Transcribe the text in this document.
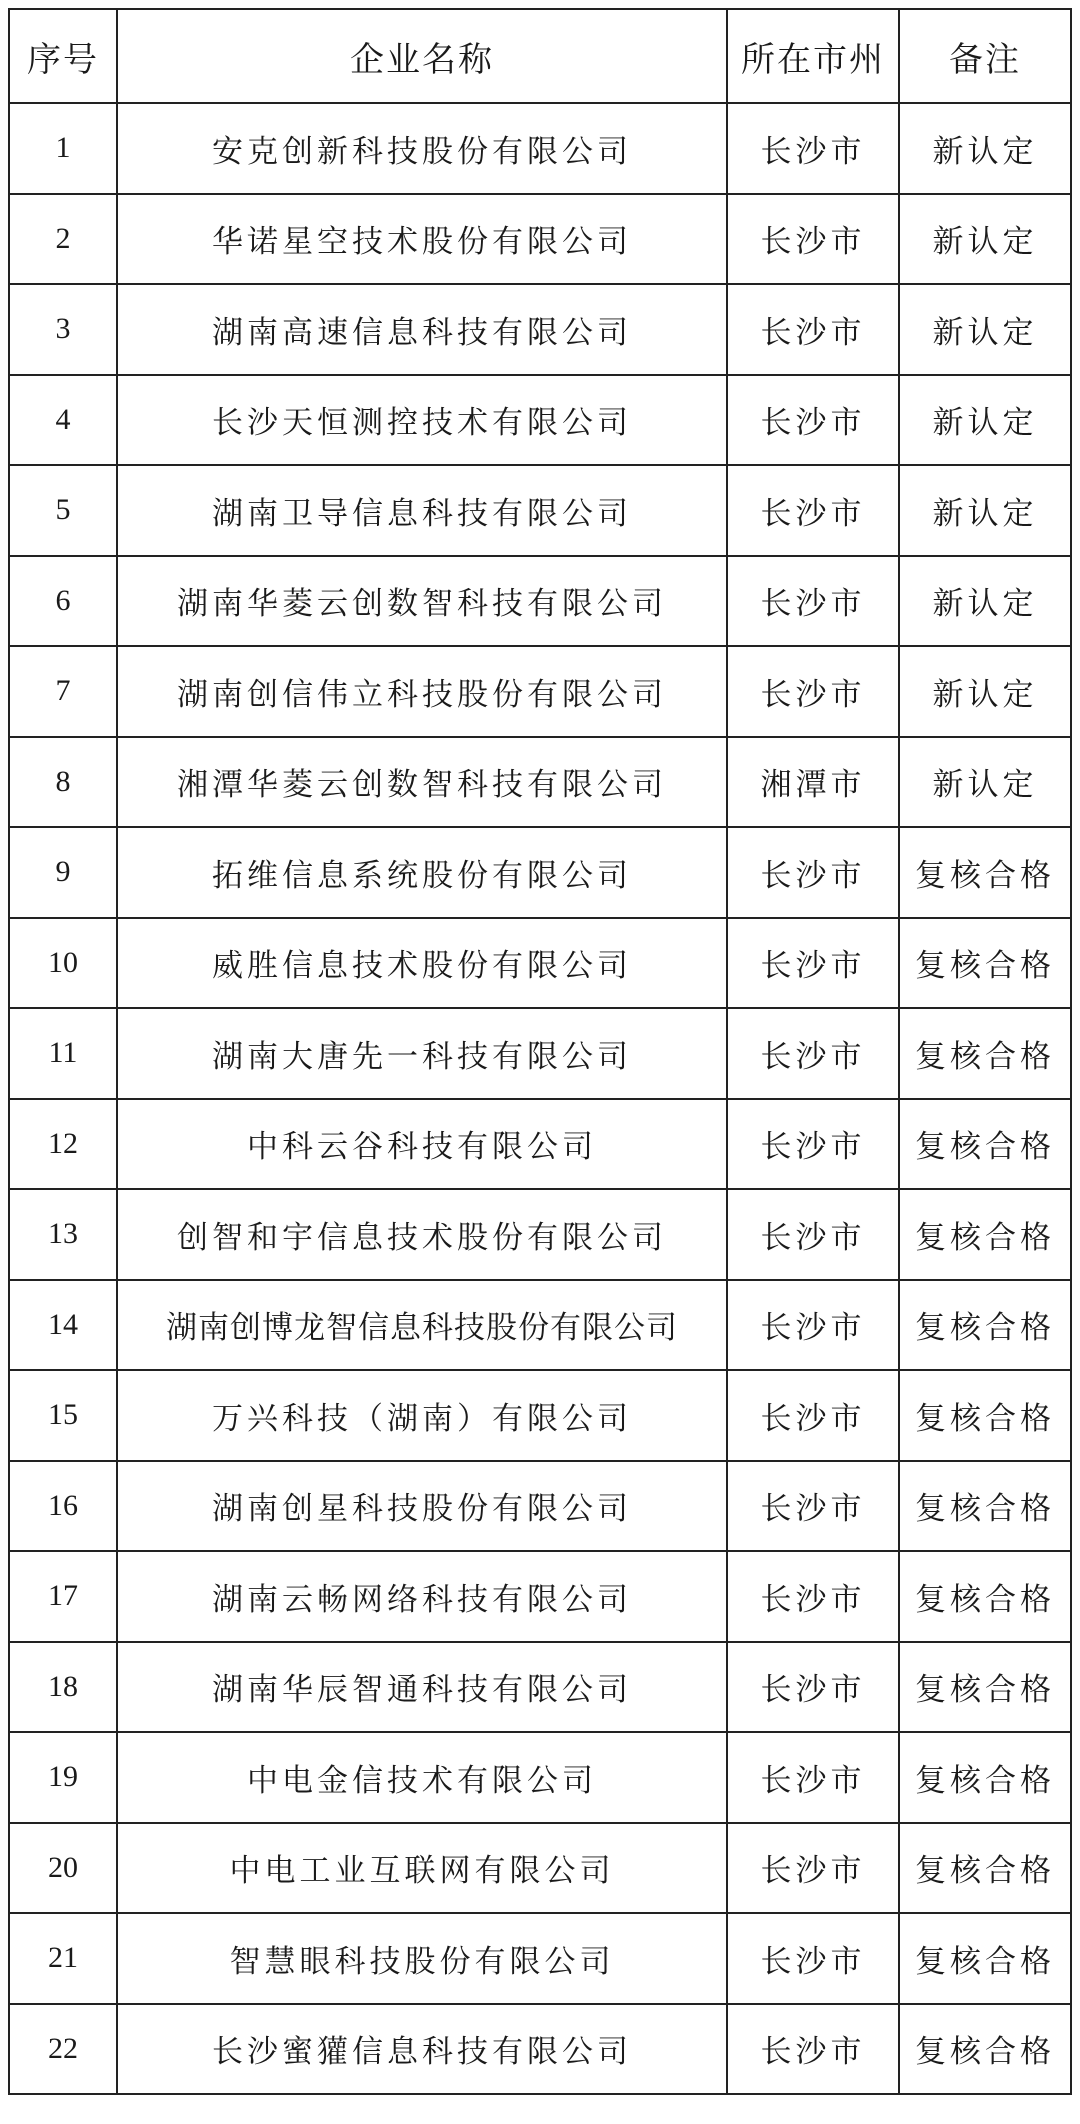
序号	企业名称	所在市州	备注
1	安克创新科技股份有限公司	长沙市	新认定
2	华诺星空技术股份有限公司	长沙市	新认定
3	湖南高速信息科技有限公司	长沙市	新认定
4	长沙天恒测控技术有限公司	长沙市	新认定
5	湖南卫导信息科技有限公司	长沙市	新认定
6	湖南华菱云创数智科技有限公司	长沙市	新认定
7	湖南创信伟立科技股份有限公司	长沙市	新认定
8	湘潭华菱云创数智科技有限公司	湘潭市	新认定
9	拓维信息系统股份有限公司	长沙市	复核合格
10	威胜信息技术股份有限公司	长沙市	复核合格
11	湖南大唐先一科技有限公司	长沙市	复核合格
12	中科云谷科技有限公司	长沙市	复核合格
13	创智和宇信息技术股份有限公司	长沙市	复核合格
14	湖南创博龙智信息科技股份有限公司	长沙市	复核合格
15	万兴科技（湖南）有限公司	长沙市	复核合格
16	湖南创星科技股份有限公司	长沙市	复核合格
17	湖南云畅网络科技有限公司	长沙市	复核合格
18	湖南华辰智通科技有限公司	长沙市	复核合格
19	中电金信技术有限公司	长沙市	复核合格
20	中电工业互联网有限公司	长沙市	复核合格
21	智慧眼科技股份有限公司	长沙市	复核合格
22	长沙蜜獾信息科技有限公司	长沙市	复核合格
